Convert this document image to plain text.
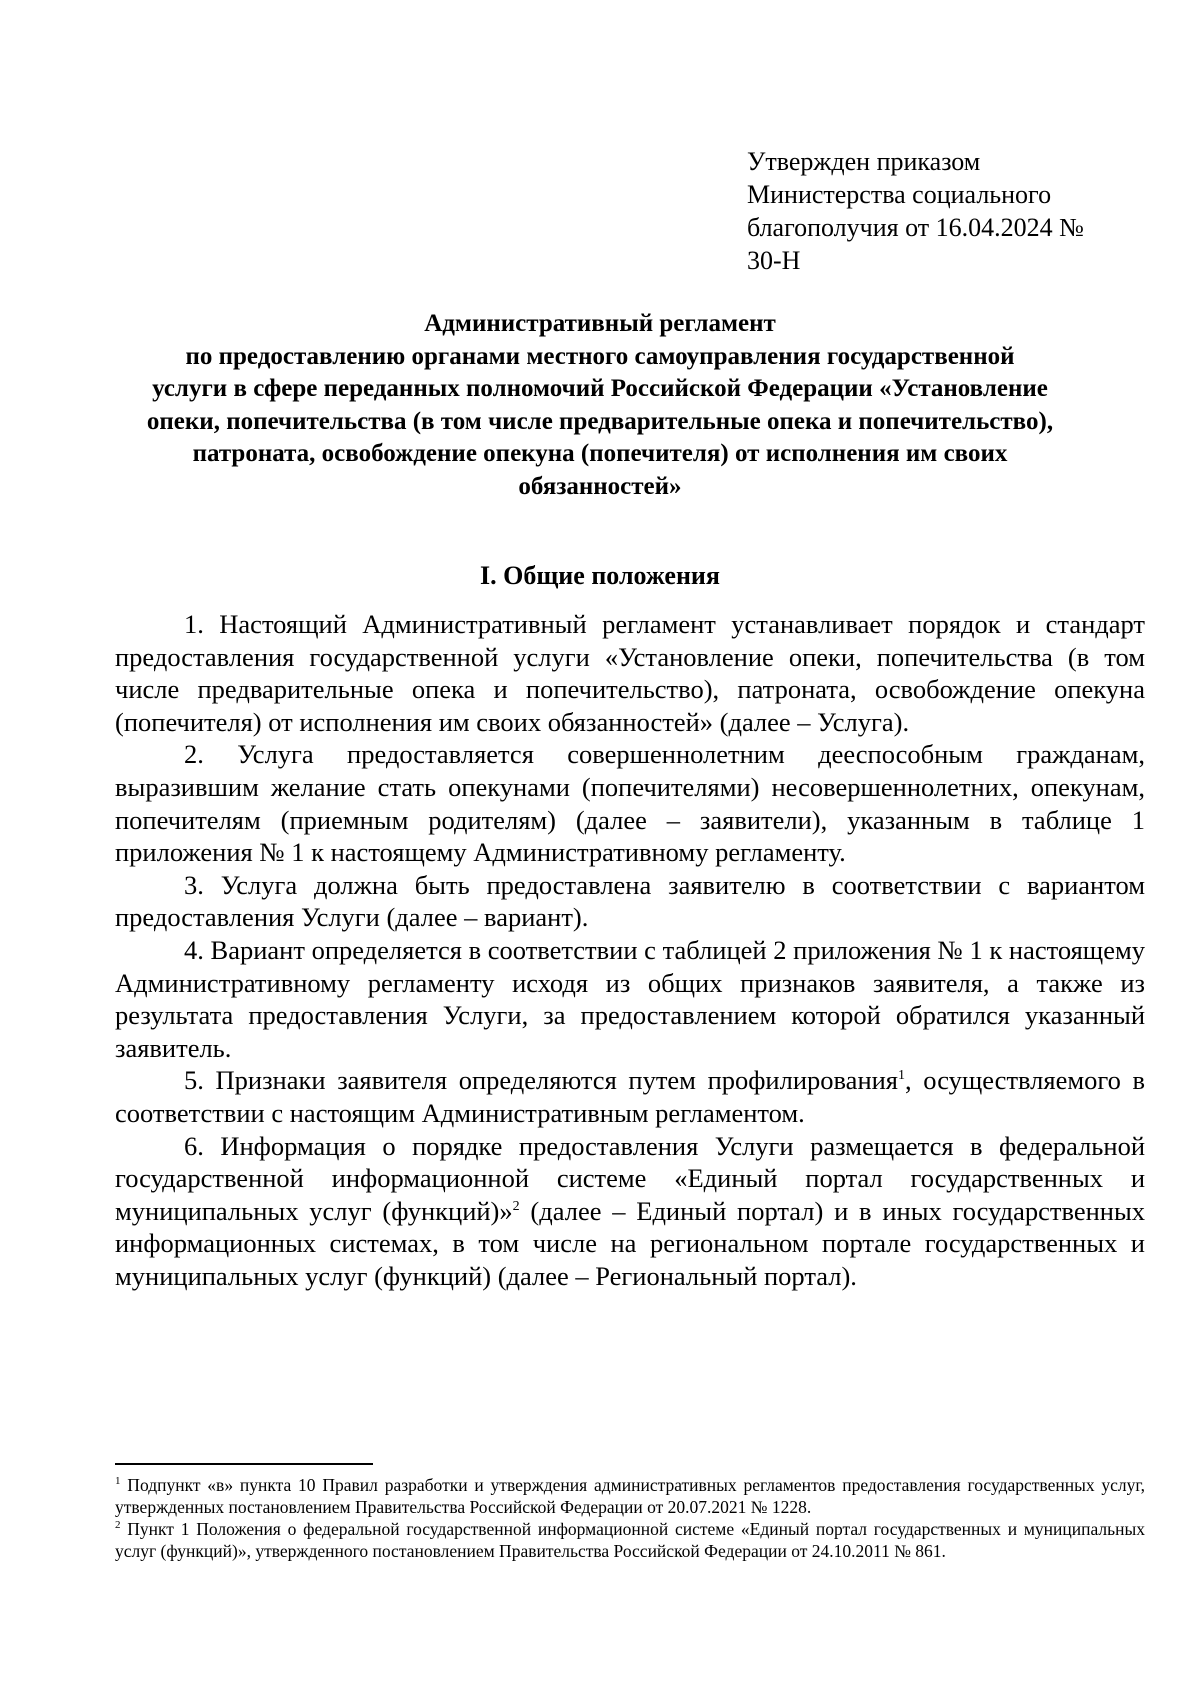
Утвержден приказом
Министерства социального
благополучия от 16.04.2024 №
30-Н
Административный регламент
по предоставлению органами местного самоуправления государственной
услуги в сфере переданных полномочий Российской Федерации «Установление
опеки, попечительства (в том числе предварительные опека и попечительство),
патроната, освобождение опекуна (попечителя) от исполнения им своих
обязанностей»
I. Общие положения

1. Настоящий Административный регламент устанавливает порядок и стандарт предоставления государственной услуги «Установление опеки, попечительства (в том числе предварительные опека и попечительство), патроната, освобождение опекуна (попечителя) от исполнения им своих обязанностей» (далее – Услуга).

2. Услуга предоставляется совершеннолетним дееспособным гражданам, выразившим желание стать опекунами (попечителями) несовершеннолетних, опекунам, попечителям (приемным родителям) (далее – заявители), указанным в таблице 1 приложения № 1 к настоящему Административному регламенту.

3. Услуга должна быть предоставлена заявителю в соответствии с вариантом предоставления Услуги (далее – вариант).

4. Вариант определяется в соответствии с таблицей 2 приложения № 1 к настоящему Административному регламенту исходя из общих признаков заявителя, а также из результата предоставления Услуги, за предоставлением которой обратился указанный заявитель.

5. Признаки заявителя определяются путем профилирования$^1$, осуществляемого в соответствии с настоящим Административным регламентом.

6. Информация о порядке предоставления Услуги размещается в федеральной государственной информационной системе «Единый портал государственных и муниципальных услуг (функций)»$^2$ (далее – Единый портал) и в иных государственных информационных системах, в том числе на региональном портале государственных и муниципальных услуг (функций) (далее – Региональный портал).

$^1$ Подпункт «в» пункта 10 Правил разработки и утверждения административных регламентов предоставления государственных услуг, утвержденных постановлением Правительства Российской Федерации от 20.07.2021 № 1228.

$^2$ Пункт 1 Положения о федеральной государственной информационной системе «Единый портал государственных и муниципальных услуг (функций)», утвержденного постановлением Правительства Российской Федерации от 24.10.2011 № 861.
